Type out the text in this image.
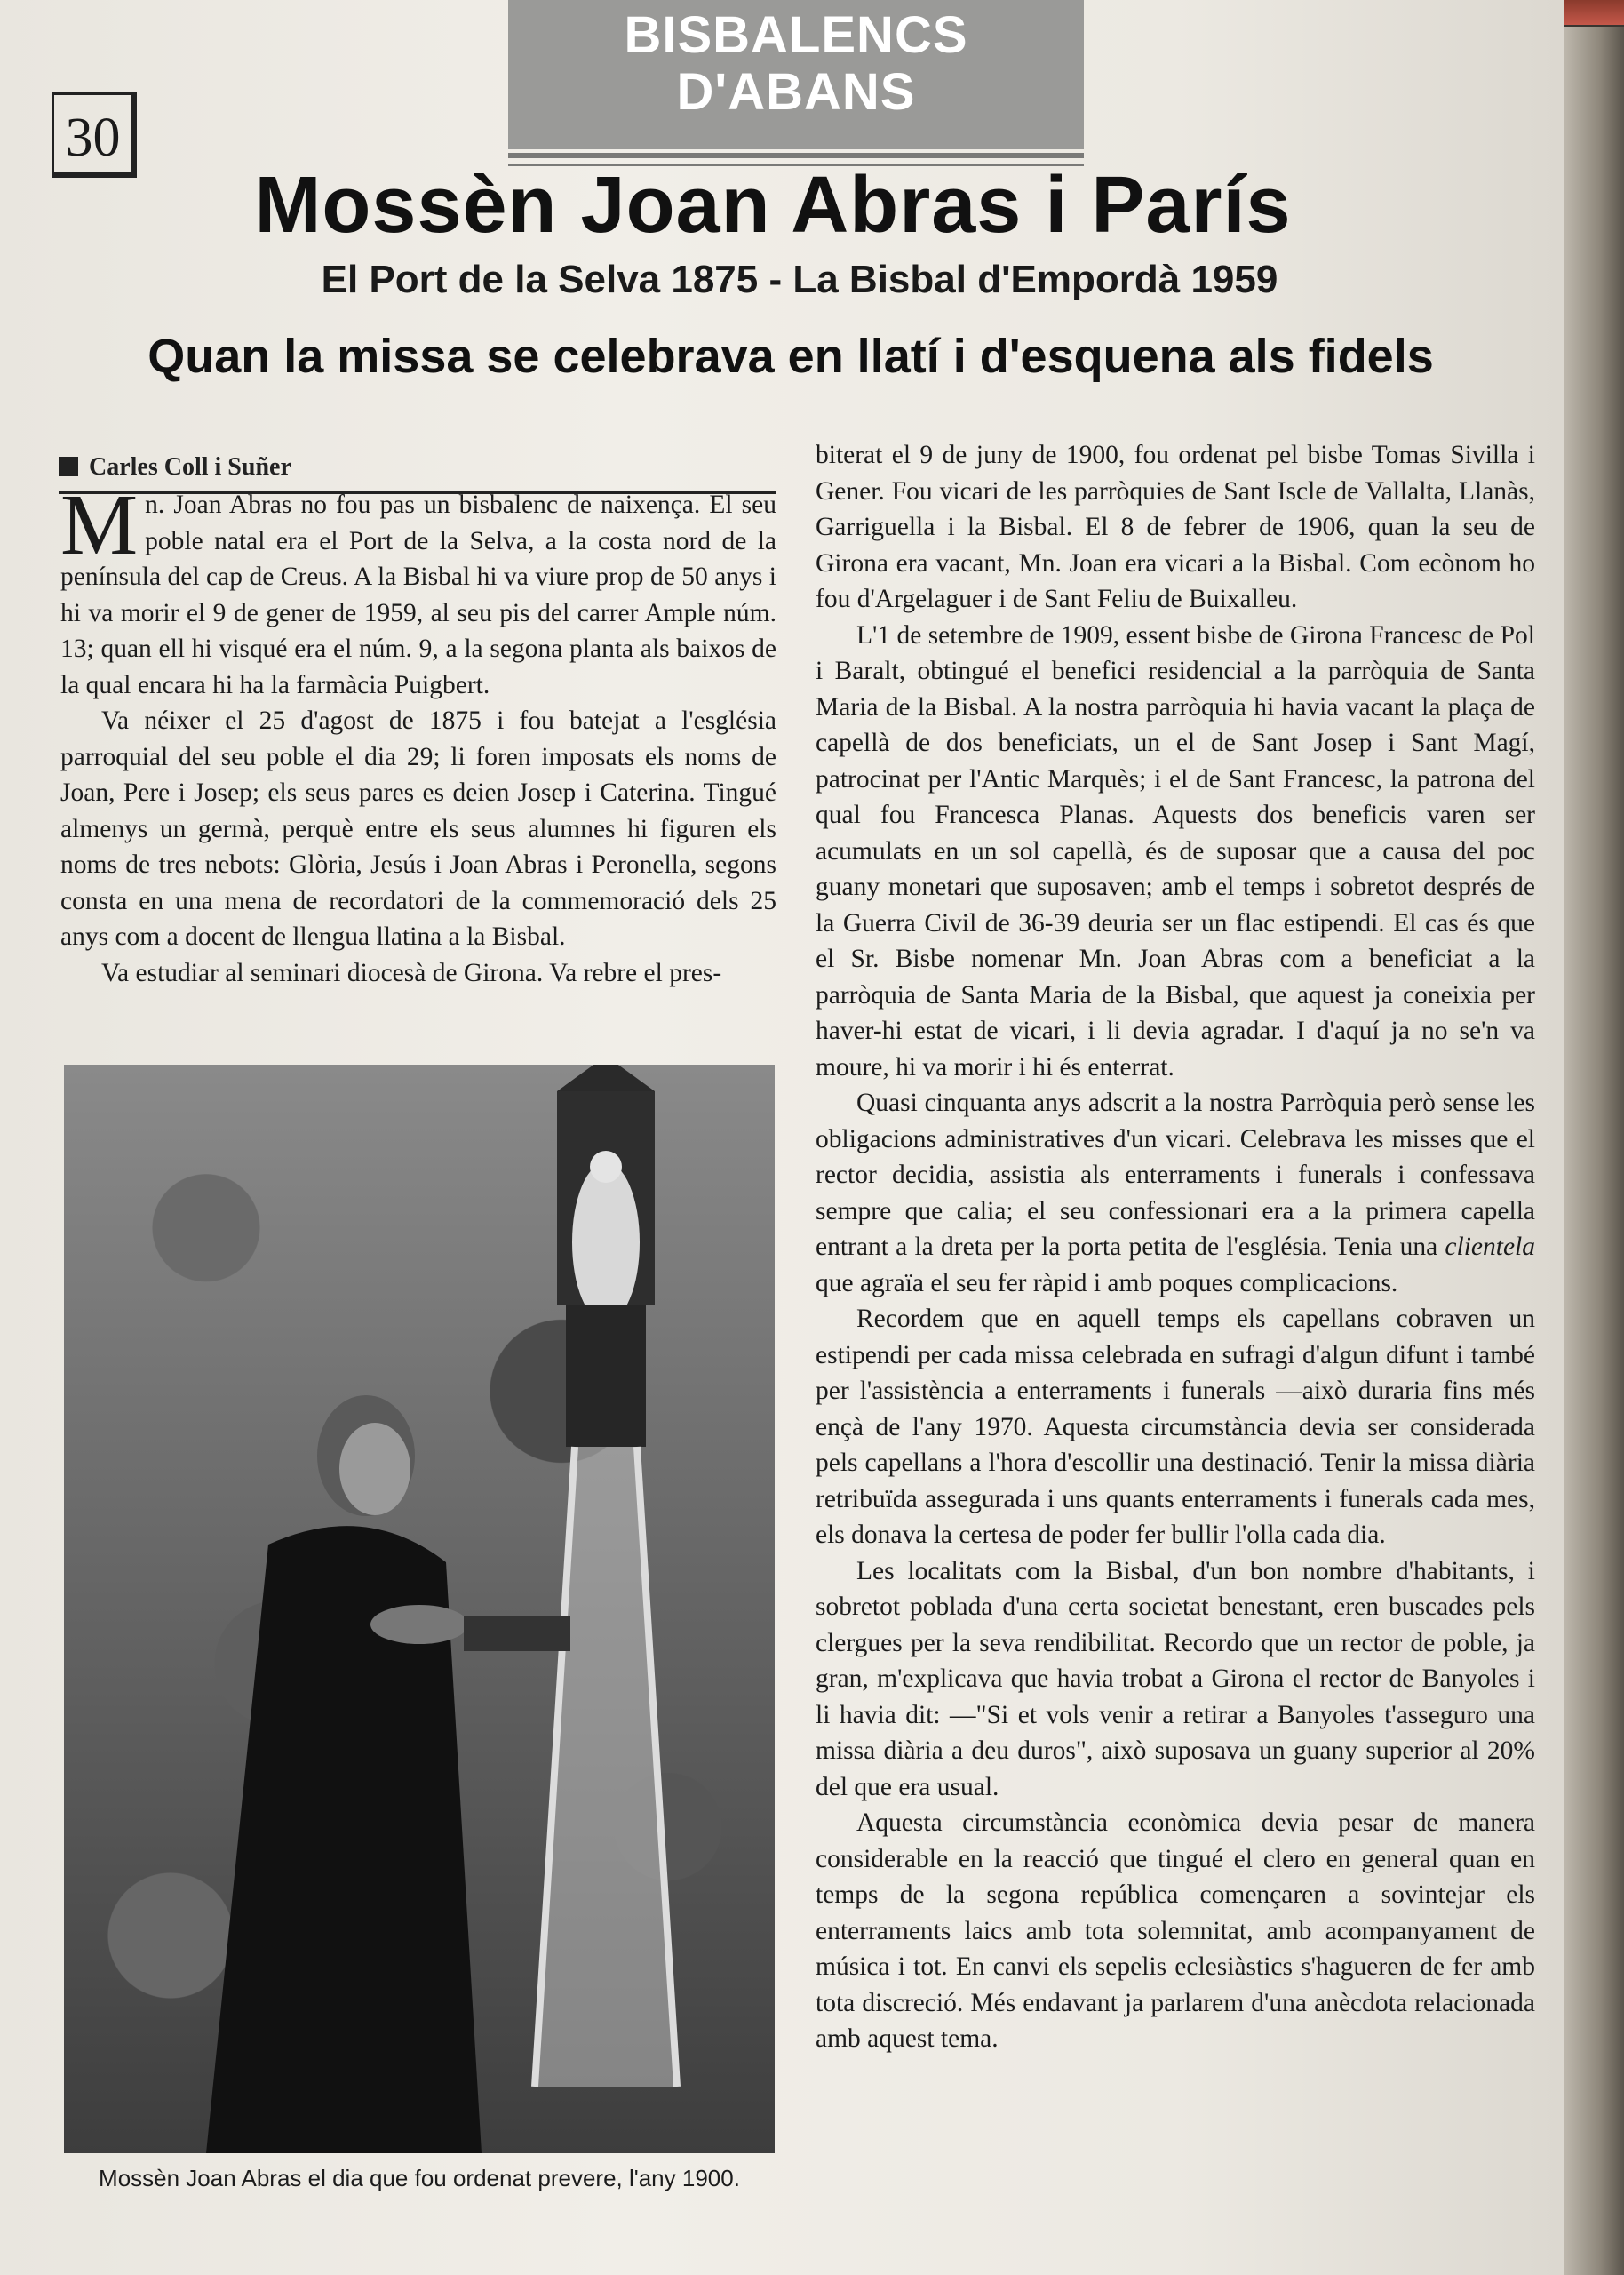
BISBALENCS
D'ABANS
30
Mossèn Joan Abras i París
El Port de la Selva 1875 - La Bisbal d'Empordà 1959
Quan la missa se celebrava en llatí i d'esquena als fidels
Carles Coll i Suñer

Mn. Joan Abras no fou pas un bisbalenc de naixença. El seu poble natal era el Port de la Selva, a la costa nord de la península del cap de Creus. A la Bisbal hi va viure prop de 50 anys i hi va morir el 9 de gener de 1959, al seu pis del carrer Ample núm. 13; quan ell hi visqué era el núm. 9, a la segona planta als baixos de la qual encara hi ha la farmàcia Puigbert.

Va néixer el 25 d'agost de 1875 i fou batejat a l'església parroquial del seu poble el dia 29; li foren imposats els noms de Joan, Pere i Josep; els seus pares es deien Josep i Caterina. Tingué almenys un germà, perquè entre els seus alumnes hi figuren els noms de tres nebots: Glòria, Jesús i Joan Abras i Peronella, segons consta en una mena de recordatori de la commemoració dels 25 anys com a docent de llengua llatina a la Bisbal.

Va estudiar al seminari diocesà de Girona. Va rebre el pres-

biterat el 9 de juny de 1900, fou ordenat pel bisbe Tomas Sivilla i Gener. Fou vicari de les parròquies de Sant Iscle de Vallalta, Llanàs, Garriguella i la Bisbal. El 8 de febrer de 1906, quan la seu de Girona era vacant, Mn. Joan era vicari a la Bisbal. Com ecònom ho fou d'Argelaguer i de Sant Feliu de Buixalleu.

L'1 de setembre de 1909, essent bisbe de Girona Francesc de Pol i Baralt, obtingué el benefici residencial a la parròquia de Santa Maria de la Bisbal. A la nostra parròquia hi havia vacant la plaça de capellà de dos beneficiats, un el de Sant Josep i Sant Magí, patrocinat per l'Antic Marquès; i el de Sant Francesc, la patrona del qual fou Francesca Planas. Aquests dos beneficis varen ser acumulats en un sol capellà, és de suposar que a causa del poc guany monetari que suposaven; amb el temps i sobretot després de la Guerra Civil de 36-39 deuria ser un flac estipendi. El cas és que el Sr. Bisbe nomenar Mn. Joan Abras com a beneficiat a la parròquia de Santa Maria de la Bisbal, que aquest ja coneixia per haver-hi estat de vicari, i li devia agradar. I d'aquí ja no se'n va moure, hi va morir i hi és enterrat.

Quasi cinquanta anys adscrit a la nostra Parròquia però sense les obligacions administratives d'un vicari. Celebrava les misses que el rector decidia, assistia als enterraments i funerals i confessava sempre que calia; el seu confessionari era a la primera capella entrant a la dreta per la porta petita de l'església. Tenia una clientela que agraïa el seu fer ràpid i amb poques complicacions.

Recordem que en aquell temps els capellans cobraven un estipendi per cada missa celebrada en sufragi d'algun difunt i també per l'assistència a enterraments i funerals —això duraria fins més ençà de l'any 1970. Aquesta circumstància devia ser considerada pels capellans a l'hora d'escollir una destinació. Tenir la missa diària retribuïda assegurada i uns quants enterraments i funerals cada mes, els donava la certesa de poder fer bullir l'olla cada dia.

Les localitats com la Bisbal, d'un bon nombre d'habitants, i sobretot poblada d'una certa societat benestant, eren buscades pels clergues per la seva rendibilitat. Recordo que un rector de poble, ja gran, m'explicava que havia trobat a Girona el rector de Banyoles i li havia dit: —"Si et vols venir a retirar a Banyoles t'asseguro una missa diària a deu duros", això suposava un guany superior al 20% del que era usual.

Aquesta circumstància econòmica devia pesar de manera considerable en la reacció que tingué el clero en general quan en temps de la segona república començaren a sovintejar els enterraments laics amb tota solemnitat, amb acompanyament de música i tot. En canvi els sepelis eclesiàstics s'hagueren de fer amb tota discreció. Més endavant ja parlarem d'una anècdota relacionada amb aquest tema.

Mossèn Joan Abras el dia que fou ordenat prevere, l'any 1900.
